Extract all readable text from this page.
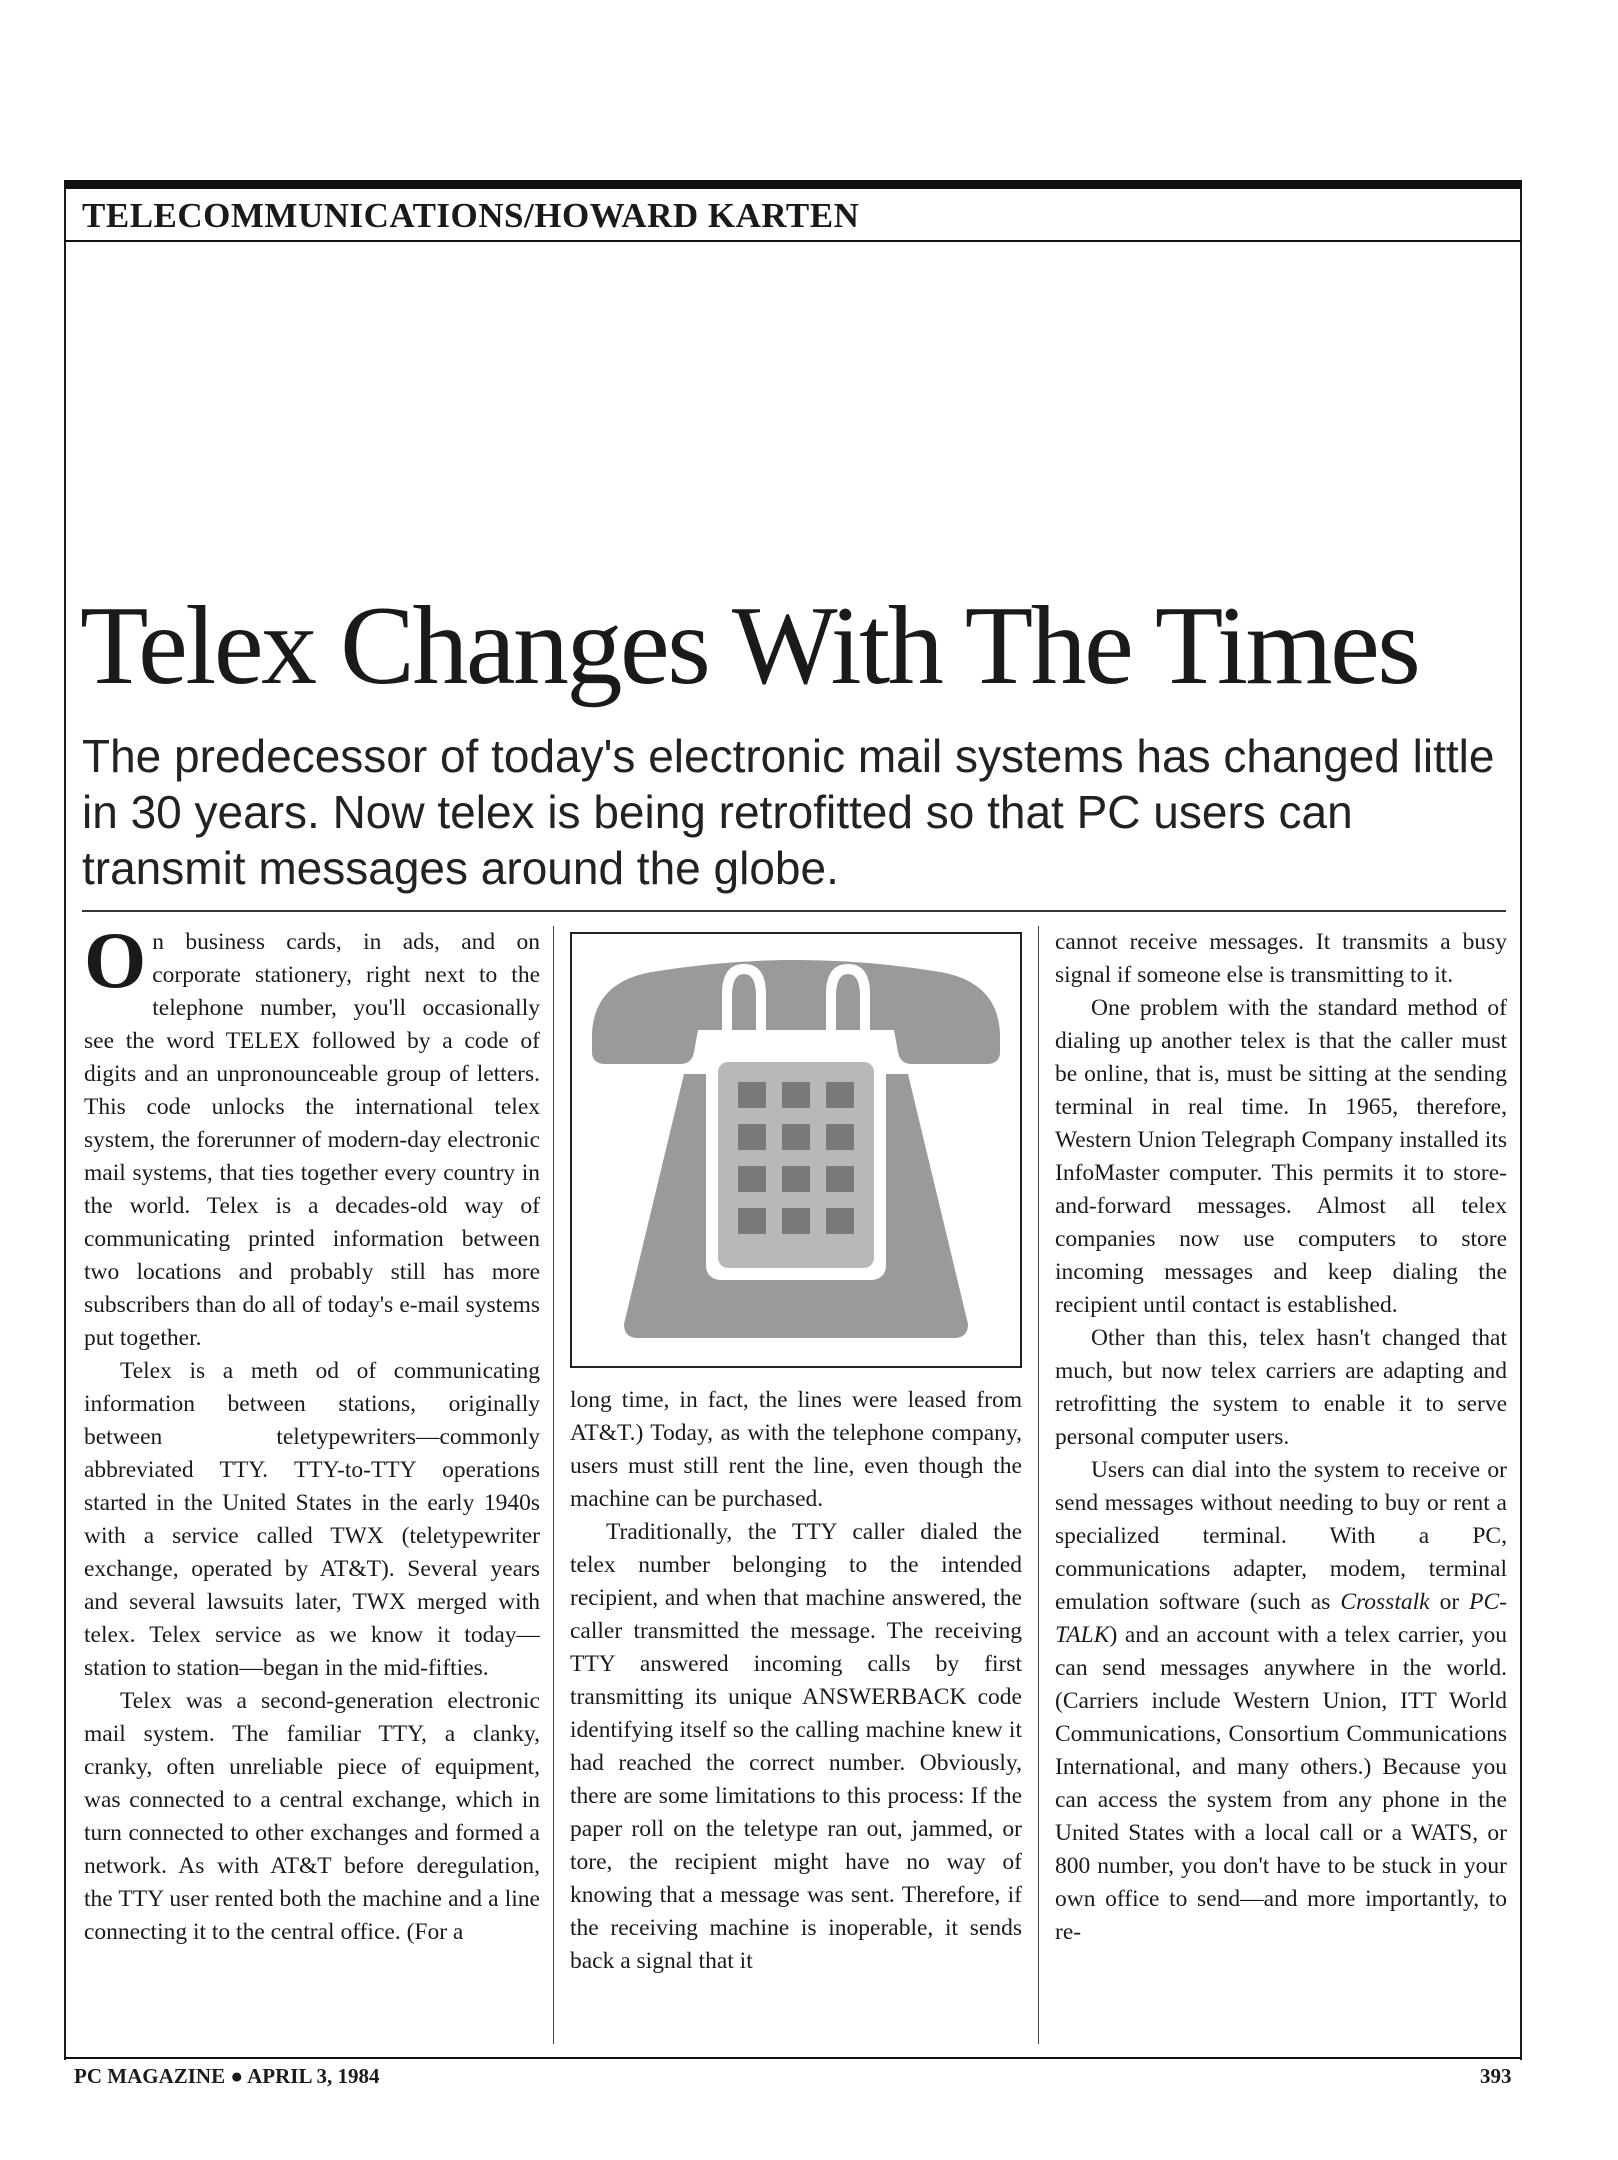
TELECOMMUNICATIONS/HOWARD KARTEN
Telex Changes With The Times
The predecessor of today's electronic mail systems has changed little in 30 years. Now telex is being retrofitted so that PC users can transmit messages around the globe.

On business cards, in ads, and on corporate stationery, right next to the telephone number, you'll occasionally see the word TELEX followed by a code of digits and an unpronounceable group of letters. This code unlocks the international telex system, the forerunner of modern-day electronic mail systems, that ties together every country in the world. Telex is a decades-old way of communicating printed information between two locations and probably still has more subscribers than do all of today's e-mail systems put together.

Telex is a meth od of communicating information between stations, originally between teletypewriters—commonly abbreviated TTY. TTY-to-TTY operations started in the United States in the early 1940s with a service called TWX (teletypewriter exchange, operated by AT&T). Several years and several lawsuits later, TWX merged with telex. Telex service as we know it today—station to station—began in the mid-fifties.

Telex was a second-generation electronic mail system. The familiar TTY, a clanky, cranky, often unreliable piece of equipment, was connected to a central exchange, which in turn connected to other exchanges and formed a network. As with AT&T before deregulation, the TTY user rented both the machine and a line connecting it to the central office. (For a

long time, in fact, the lines were leased from AT&T.) Today, as with the telephone company, users must still rent the line, even though the machine can be purchased.

Traditionally, the TTY caller dialed the telex number belonging to the intended recipient, and when that machine answered, the caller transmitted the message. The receiving TTY answered incoming calls by first transmitting its unique ANSWERBACK code identifying itself so the calling machine knew it had reached the correct number. Obviously, there are some limitations to this process: If the paper roll on the teletype ran out, jammed, or tore, the recipient might have no way of knowing that a message was sent. Therefore, if the receiving machine is inoperable, it sends back a signal that it

cannot receive messages. It transmits a busy signal if someone else is transmitting to it.

One problem with the standard method of dialing up another telex is that the caller must be online, that is, must be sitting at the sending terminal in real time. In 1965, therefore, Western Union Telegraph Company installed its InfoMaster computer. This permits it to store-and-forward messages. Almost all telex companies now use computers to store incoming messages and keep dialing the recipient until contact is established.

Other than this, telex hasn't changed that much, but now telex carriers are adapting and retrofitting the system to enable it to serve personal computer users.

Users can dial into the system to receive or send messages without needing to buy or rent a specialized terminal. With a PC, communications adapter, modem, terminal emulation software (such as Crosstalk or PC-TALK) and an account with a telex carrier, you can send messages anywhere in the world. (Carriers include Western Union, ITT World Communications, Consortium Communications International, and many others.) Because you can access the system from any phone in the United States with a local call or a WATS, or 800 number, you don't have to be stuck in your own office to send—and more importantly, to re-

PC MAGAZINE ● APRIL 3, 1984	393
